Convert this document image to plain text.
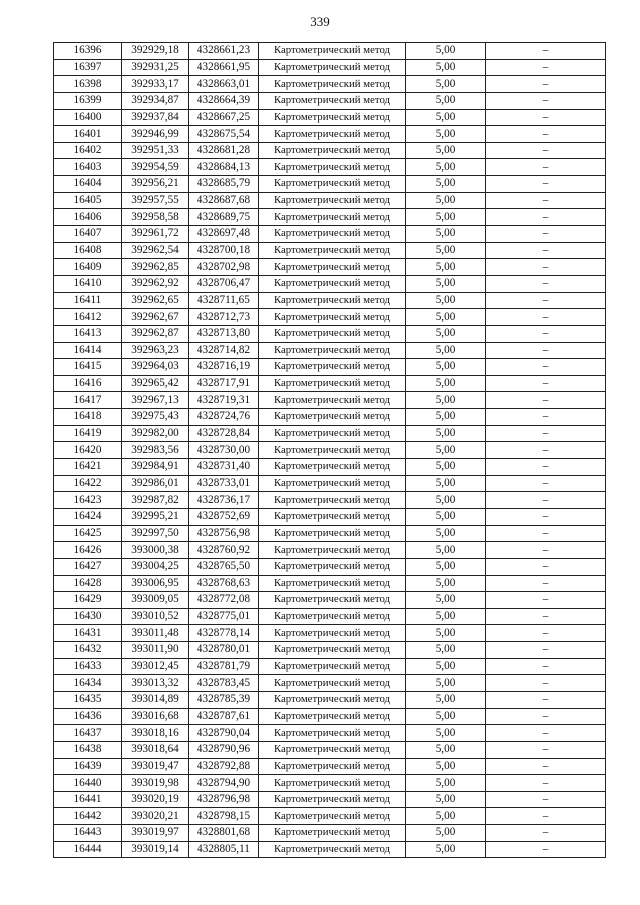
339
16396	392929,18	4328661,23	Картометрический метод	5,00	–
16397	392931,25	4328661,95	Картометрический метод	5,00	–
16398	392933,17	4328663,01	Картометрический метод	5,00	–
16399	392934,87	4328664,39	Картометрический метод	5,00	–
16400	392937,84	4328667,25	Картометрический метод	5,00	–
16401	392946,99	4328675,54	Картометрический метод	5,00	–
16402	392951,33	4328681,28	Картометрический метод	5,00	–
16403	392954,59	4328684,13	Картометрический метод	5,00	–
16404	392956,21	4328685,79	Картометрический метод	5,00	–
16405	392957,55	4328687,68	Картометрический метод	5,00	–
16406	392958,58	4328689,75	Картометрический метод	5,00	–
16407	392961,72	4328697,48	Картометрический метод	5,00	–
16408	392962,54	4328700,18	Картометрический метод	5,00	–
16409	392962,85	4328702,98	Картометрический метод	5,00	–
16410	392962,92	4328706,47	Картометрический метод	5,00	–
16411	392962,65	4328711,65	Картометрический метод	5,00	–
16412	392962,67	4328712,73	Картометрический метод	5,00	–
16413	392962,87	4328713,80	Картометрический метод	5,00	–
16414	392963,23	4328714,82	Картометрический метод	5,00	–
16415	392964,03	4328716,19	Картометрический метод	5,00	–
16416	392965,42	4328717,91	Картометрический метод	5,00	–
16417	392967,13	4328719,31	Картометрический метод	5,00	–
16418	392975,43	4328724,76	Картометрический метод	5,00	–
16419	392982,00	4328728,84	Картометрический метод	5,00	–
16420	392983,56	4328730,00	Картометрический метод	5,00	–
16421	392984,91	4328731,40	Картометрический метод	5,00	–
16422	392986,01	4328733,01	Картометрический метод	5,00	–
16423	392987,82	4328736,17	Картометрический метод	5,00	–
16424	392995,21	4328752,69	Картометрический метод	5,00	–
16425	392997,50	4328756,98	Картометрический метод	5,00	–
16426	393000,38	4328760,92	Картометрический метод	5,00	–
16427	393004,25	4328765,50	Картометрический метод	5,00	–
16428	393006,95	4328768,63	Картометрический метод	5,00	–
16429	393009,05	4328772,08	Картометрический метод	5,00	–
16430	393010,52	4328775,01	Картометрический метод	5,00	–
16431	393011,48	4328778,14	Картометрический метод	5,00	–
16432	393011,90	4328780,01	Картометрический метод	5,00	–
16433	393012,45	4328781,79	Картометрический метод	5,00	–
16434	393013,32	4328783,45	Картометрический метод	5,00	–
16435	393014,89	4328785,39	Картометрический метод	5,00	–
16436	393016,68	4328787,61	Картометрический метод	5,00	–
16437	393018,16	4328790,04	Картометрический метод	5,00	–
16438	393018,64	4328790,96	Картометрический метод	5,00	–
16439	393019,47	4328792,88	Картометрический метод	5,00	–
16440	393019,98	4328794,90	Картометрический метод	5,00	–
16441	393020,19	4328796,98	Картометрический метод	5,00	–
16442	393020,21	4328798,15	Картометрический метод	5,00	–
16443	393019,97	4328801,68	Картометрический метод	5,00	–
16444	393019,14	4328805,11	Картометрический метод	5,00	–
